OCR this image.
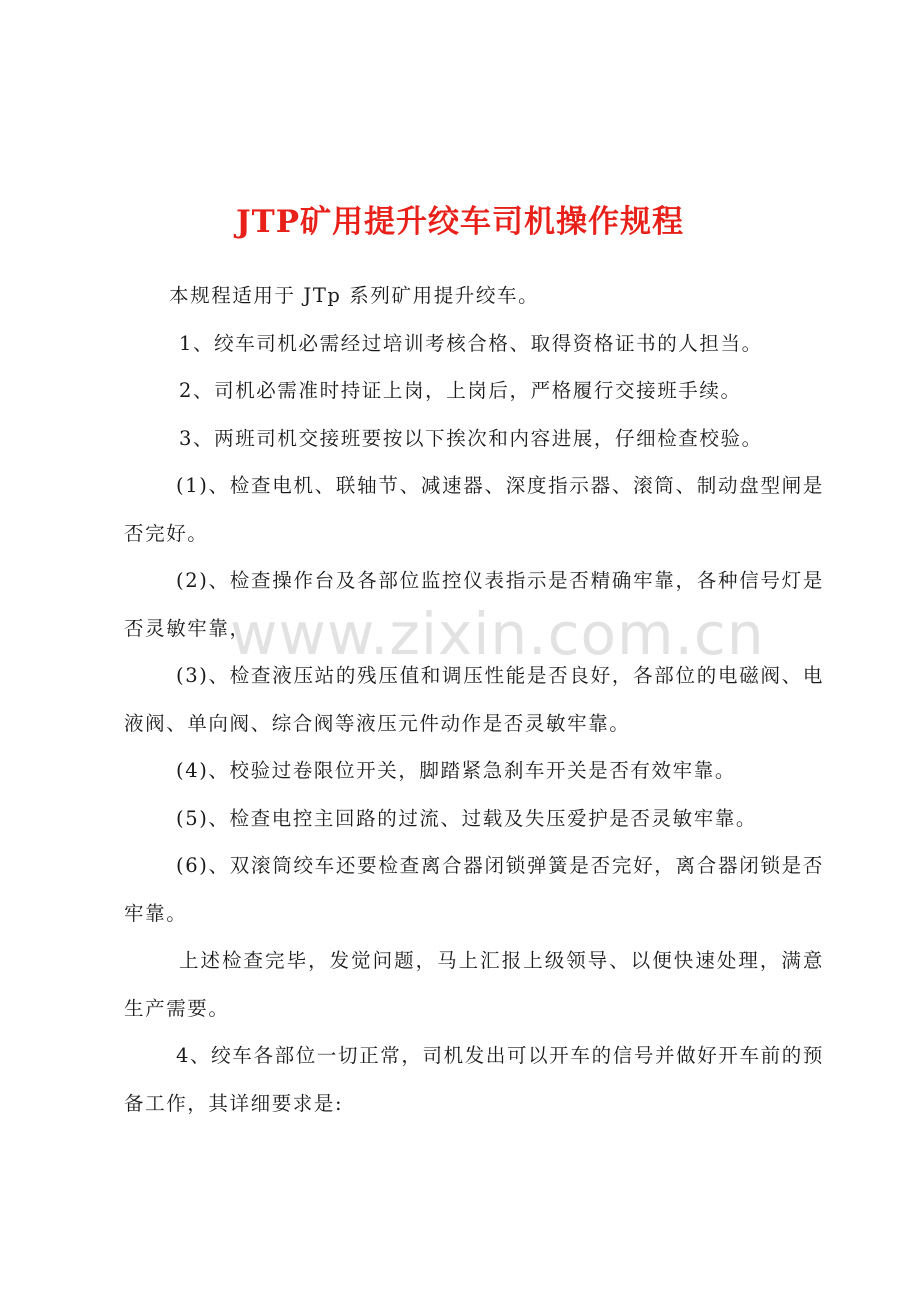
JTP矿用提升绞车司机操作规程

本规程适用于 JTp 系列矿用提升绞车。

1、绞车司机必需经过培训考核合格、取得资格证书的人担当。

2、司机必需准时持证上岗，上岗后，严格履行交接班手续。

3、两班司机交接班要按以下挨次和内容进展，仔细检查校验。

(1)、检查电机、联轴节、减速器、深度指示器、滚筒、制动盘型闸是否完好。

(2)、检查操作台及各部位监控仪表指示是否精确牢靠，各种信号灯是否灵敏牢靠，

(3)、检查液压站的残压值和调压性能是否良好，各部位的电磁阀、电液阀、单向阀、综合阀等液压元件动作是否灵敏牢靠。

(4)、校验过卷限位开关，脚踏紧急刹车开关是否有效牢靠。

(5)、检查电控主回路的过流、过载及失压爱护是否灵敏牢靠。

(6)、双滚筒绞车还要检查离合器闭锁弹簧是否完好，离合器闭锁是否牢靠。

上述检查完毕，发觉问题，马上汇报上级领导、以便快速处理，满意生产需要。

4、绞车各部位一切正常，司机发出可以开车的信号并做好开车前的预备工作，其详细要求是:

www.zixin.com.cn
